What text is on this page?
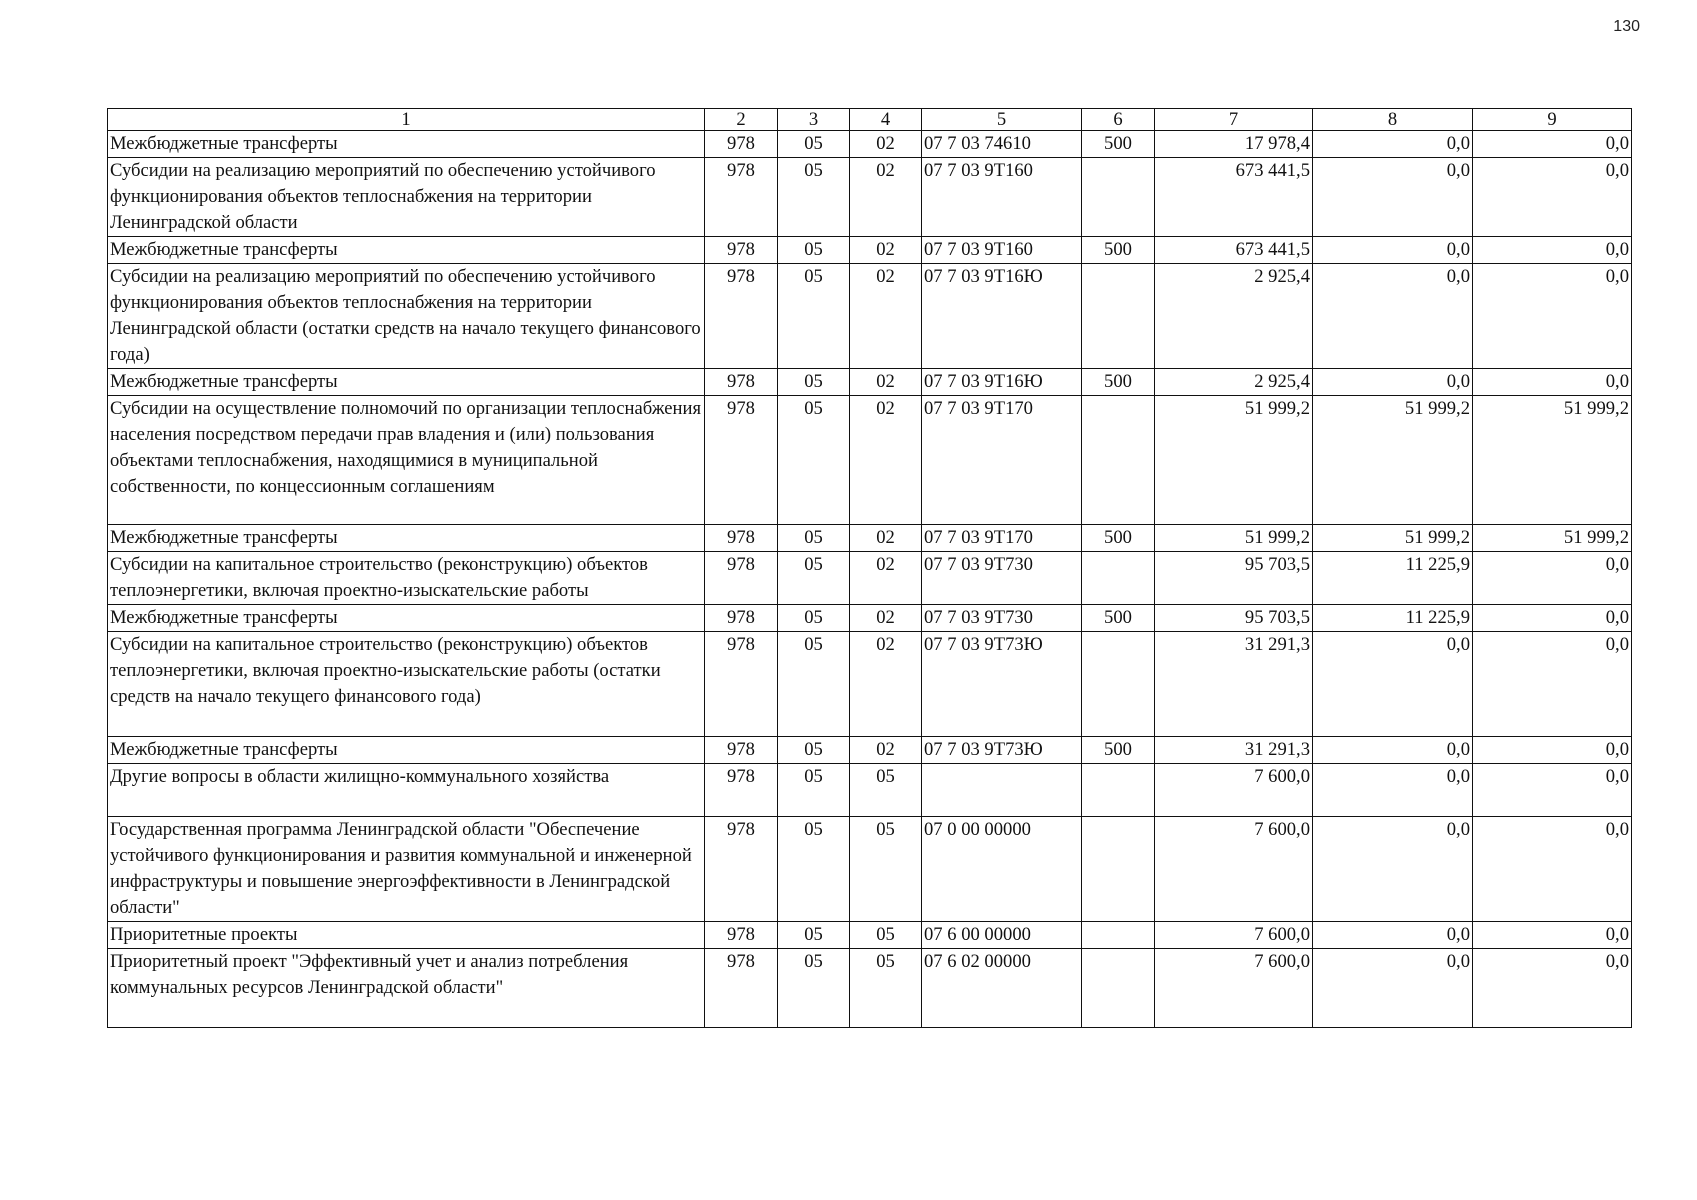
130
1	2	3	4	5	6	7	8	9
Межбюджетные трансферты	978	05	02	07 7 03 74610	500	17 978,4	0,0	0,0
Субсидии на реализацию мероприятий по обеспечению устойчивого функционирования объектов теплоснабжения на территории Ленинградской области	978	05	02	07 7 03 9Т160		673 441,5	0,0	0,0
Межбюджетные трансферты	978	05	02	07 7 03 9Т160	500	673 441,5	0,0	0,0
Субсидии на реализацию мероприятий по обеспечению устойчивого функционирования объектов теплоснабжения на территории Ленинградской области (остатки средств на начало текущего финансового года)	978	05	02	07 7 03 9Т16Ю		2 925,4	0,0	0,0
Межбюджетные трансферты	978	05	02	07 7 03 9Т16Ю	500	2 925,4	0,0	0,0
Субсидии на осуществление полномочий по организации теплоснабжения населения посредством передачи прав владения и (или) пользования объектами теплоснабжения, находящимися в муниципальной собственности, по концессионным соглашениям	978	05	02	07 7 03 9Т170		51 999,2	51 999,2	51 999,2
Межбюджетные трансферты	978	05	02	07 7 03 9Т170	500	51 999,2	51 999,2	51 999,2
Субсидии на капитальное строительство (реконструкцию) объектов теплоэнергетики, включая проектно-изыскательские работы	978	05	02	07 7 03 9Т730		95 703,5	11 225,9	0,0
Межбюджетные трансферты	978	05	02	07 7 03 9Т730	500	95 703,5	11 225,9	0,0
Субсидии на капитальное строительство (реконструкцию) объектов теплоэнергетики, включая проектно-изыскательские работы (остатки средств на начало текущего финансового года)	978	05	02	07 7 03 9Т73Ю		31 291,3	0,0	0,0
Межбюджетные трансферты	978	05	02	07 7 03 9Т73Ю	500	31 291,3	0,0	0,0
Другие вопросы в области жилищно-коммунального хозяйства	978	05	05			7 600,0	0,0	0,0
Государственная программа Ленинградской области "Обеспечение устойчивого функционирования и развития коммунальной и инженерной инфраструктуры и повышение энергоэффективности в Ленинградской области"	978	05	05	07 0 00 00000		7 600,0	0,0	0,0
Приоритетные проекты	978	05	05	07 6 00 00000		7 600,0	0,0	0,0
Приоритетный проект "Эффективный учет и анализ потребления коммунальных ресурсов Ленинградской области"	978	05	05	07 6 02 00000		7 600,0	0,0	0,0
